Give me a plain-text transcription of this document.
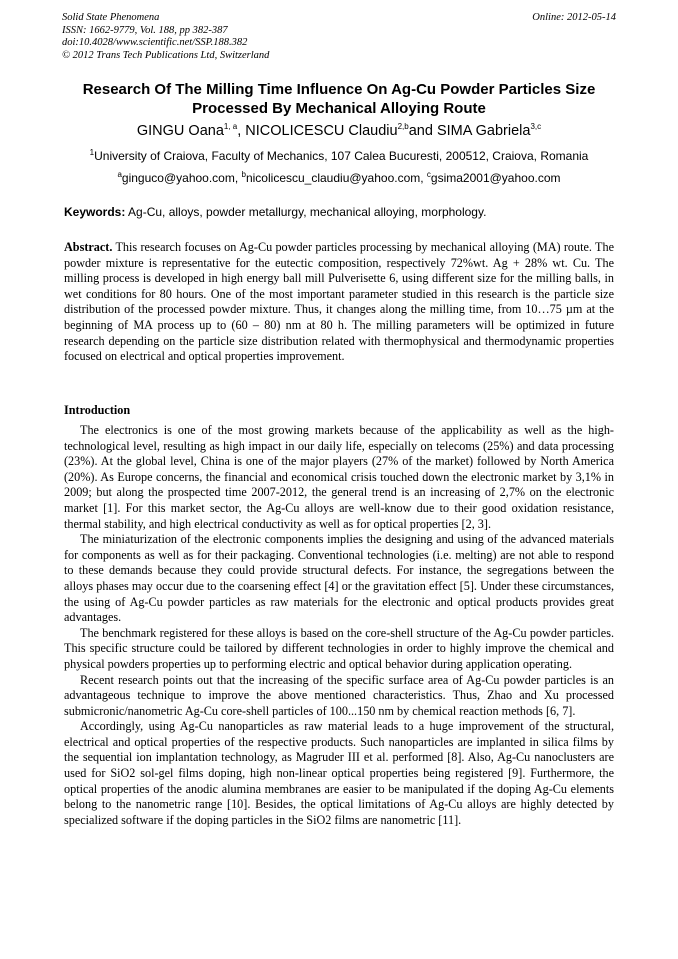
Solid State Phenomena
ISSN: 1662-9779, Vol. 188, pp 382-387
doi:10.4028/www.scientific.net/SSP.188.382
© 2012 Trans Tech Publications Ltd, Switzerland
Online: 2012-05-14
Research Of The Milling Time Influence On Ag-Cu Powder Particles Size
Processed By Mechanical Alloying Route
GINGU Oana$^{1, a}$, NICOLICESCU Claudiu$^{2,b}$and SIMA Gabriela$^{3,c}$
$^1$University of Craiova, Faculty of Mechanics, 107 Calea Bucuresti, 200512, Craiova, Romania
$^a$ginguco@yahoo.com, $^b$nicolicescu_claudiu@yahoo.com, $^c$gsima2001@yahoo.com
Keywords: Ag-Cu, alloys, powder metallurgy, mechanical alloying, morphology.

Abstract. This research focuses on Ag-Cu powder particles processing by mechanical alloying (MA) route. The powder mixture is representative for the eutectic composition, respectively 72%wt. Ag + 28% wt. Cu. The milling process is developed in high energy ball mill Pulverisette 6, using different size for the milling balls, in wet conditions for 80 hours. One of the most important parameter studied in this research is the particle size distribution of the processed powder mixture. Thus, it changes along the milling time, from 10…75 µm at the beginning of MA process up to (60 – 80) nm at 80 h. The milling parameters will be optimized in future research depending on the particle size distribution related with thermophysical and thermodynamic properties focused on electrical and optical properties improvement.

Introduction

The electronics is one of the most growing markets because of the applicability as well as the high-technological level, resulting as high impact in our daily life, especially on telecoms (25%) and data processing (23%). At the global level, China is one of the major players (27% of the market) followed by North America (20%). As Europe concerns, the financial and economical crisis touched down the electronic market by 3,1% in 2009; but along the prospected time 2007-2012, the general trend is an increasing of 2,7% on the electronic market [1]. For this market sector, the Ag-Cu alloys are well-know due to their good oxidation resistance, thermal stability, and high electrical conductivity as well as for optical properties [2, 3].

The miniaturization of the electronic components implies the designing and using of the advanced materials for components as well as for their packaging. Conventional technologies (i.e. melting) are not able to respond to these demands because they could provide structural defects. For instance, the segregations between the alloys phases may occur due to the coarsening effect [4] or the gravitation effect [5]. Under these circumstances, the using of Ag-Cu powder particles as raw materials for the electronic and optical products provides great advantages.

The benchmark registered for these alloys is based on the core-shell structure of the Ag-Cu powder particles. This specific structure could be tailored by different technologies in order to highly improve the chemical and physical powders properties up to performing electric and optical behavior during application operating.

Recent research points out that the increasing of the specific surface area of Ag-Cu powder particles is an advantageous technique to improve the above mentioned characteristics. Thus, Zhao and Xu processed submicronic/nanometric Ag-Cu core-shell particles of 100...150 nm by chemical reaction methods [6, 7].

Accordingly, using Ag-Cu nanoparticles as raw material leads to a huge improvement of the structural, electrical and optical properties of the respective products. Such nanoparticles are implanted in silica films by the sequential ion implantation technology, as Magruder III et al. performed [8]. Also, Ag-Cu nanoclusters are used for SiO2 sol-gel films doping, high non-linear optical properties being registered [9]. Furthermore, the optical properties of the anodic alumina membranes are easier to be manipulated if the doping Ag-Cu elements belong to the nanometric range [10]. Besides, the optical limitations of Ag-Cu alloys are highly detected by specialized software if the doping particles in the SiO2 films are nanometric [11].
